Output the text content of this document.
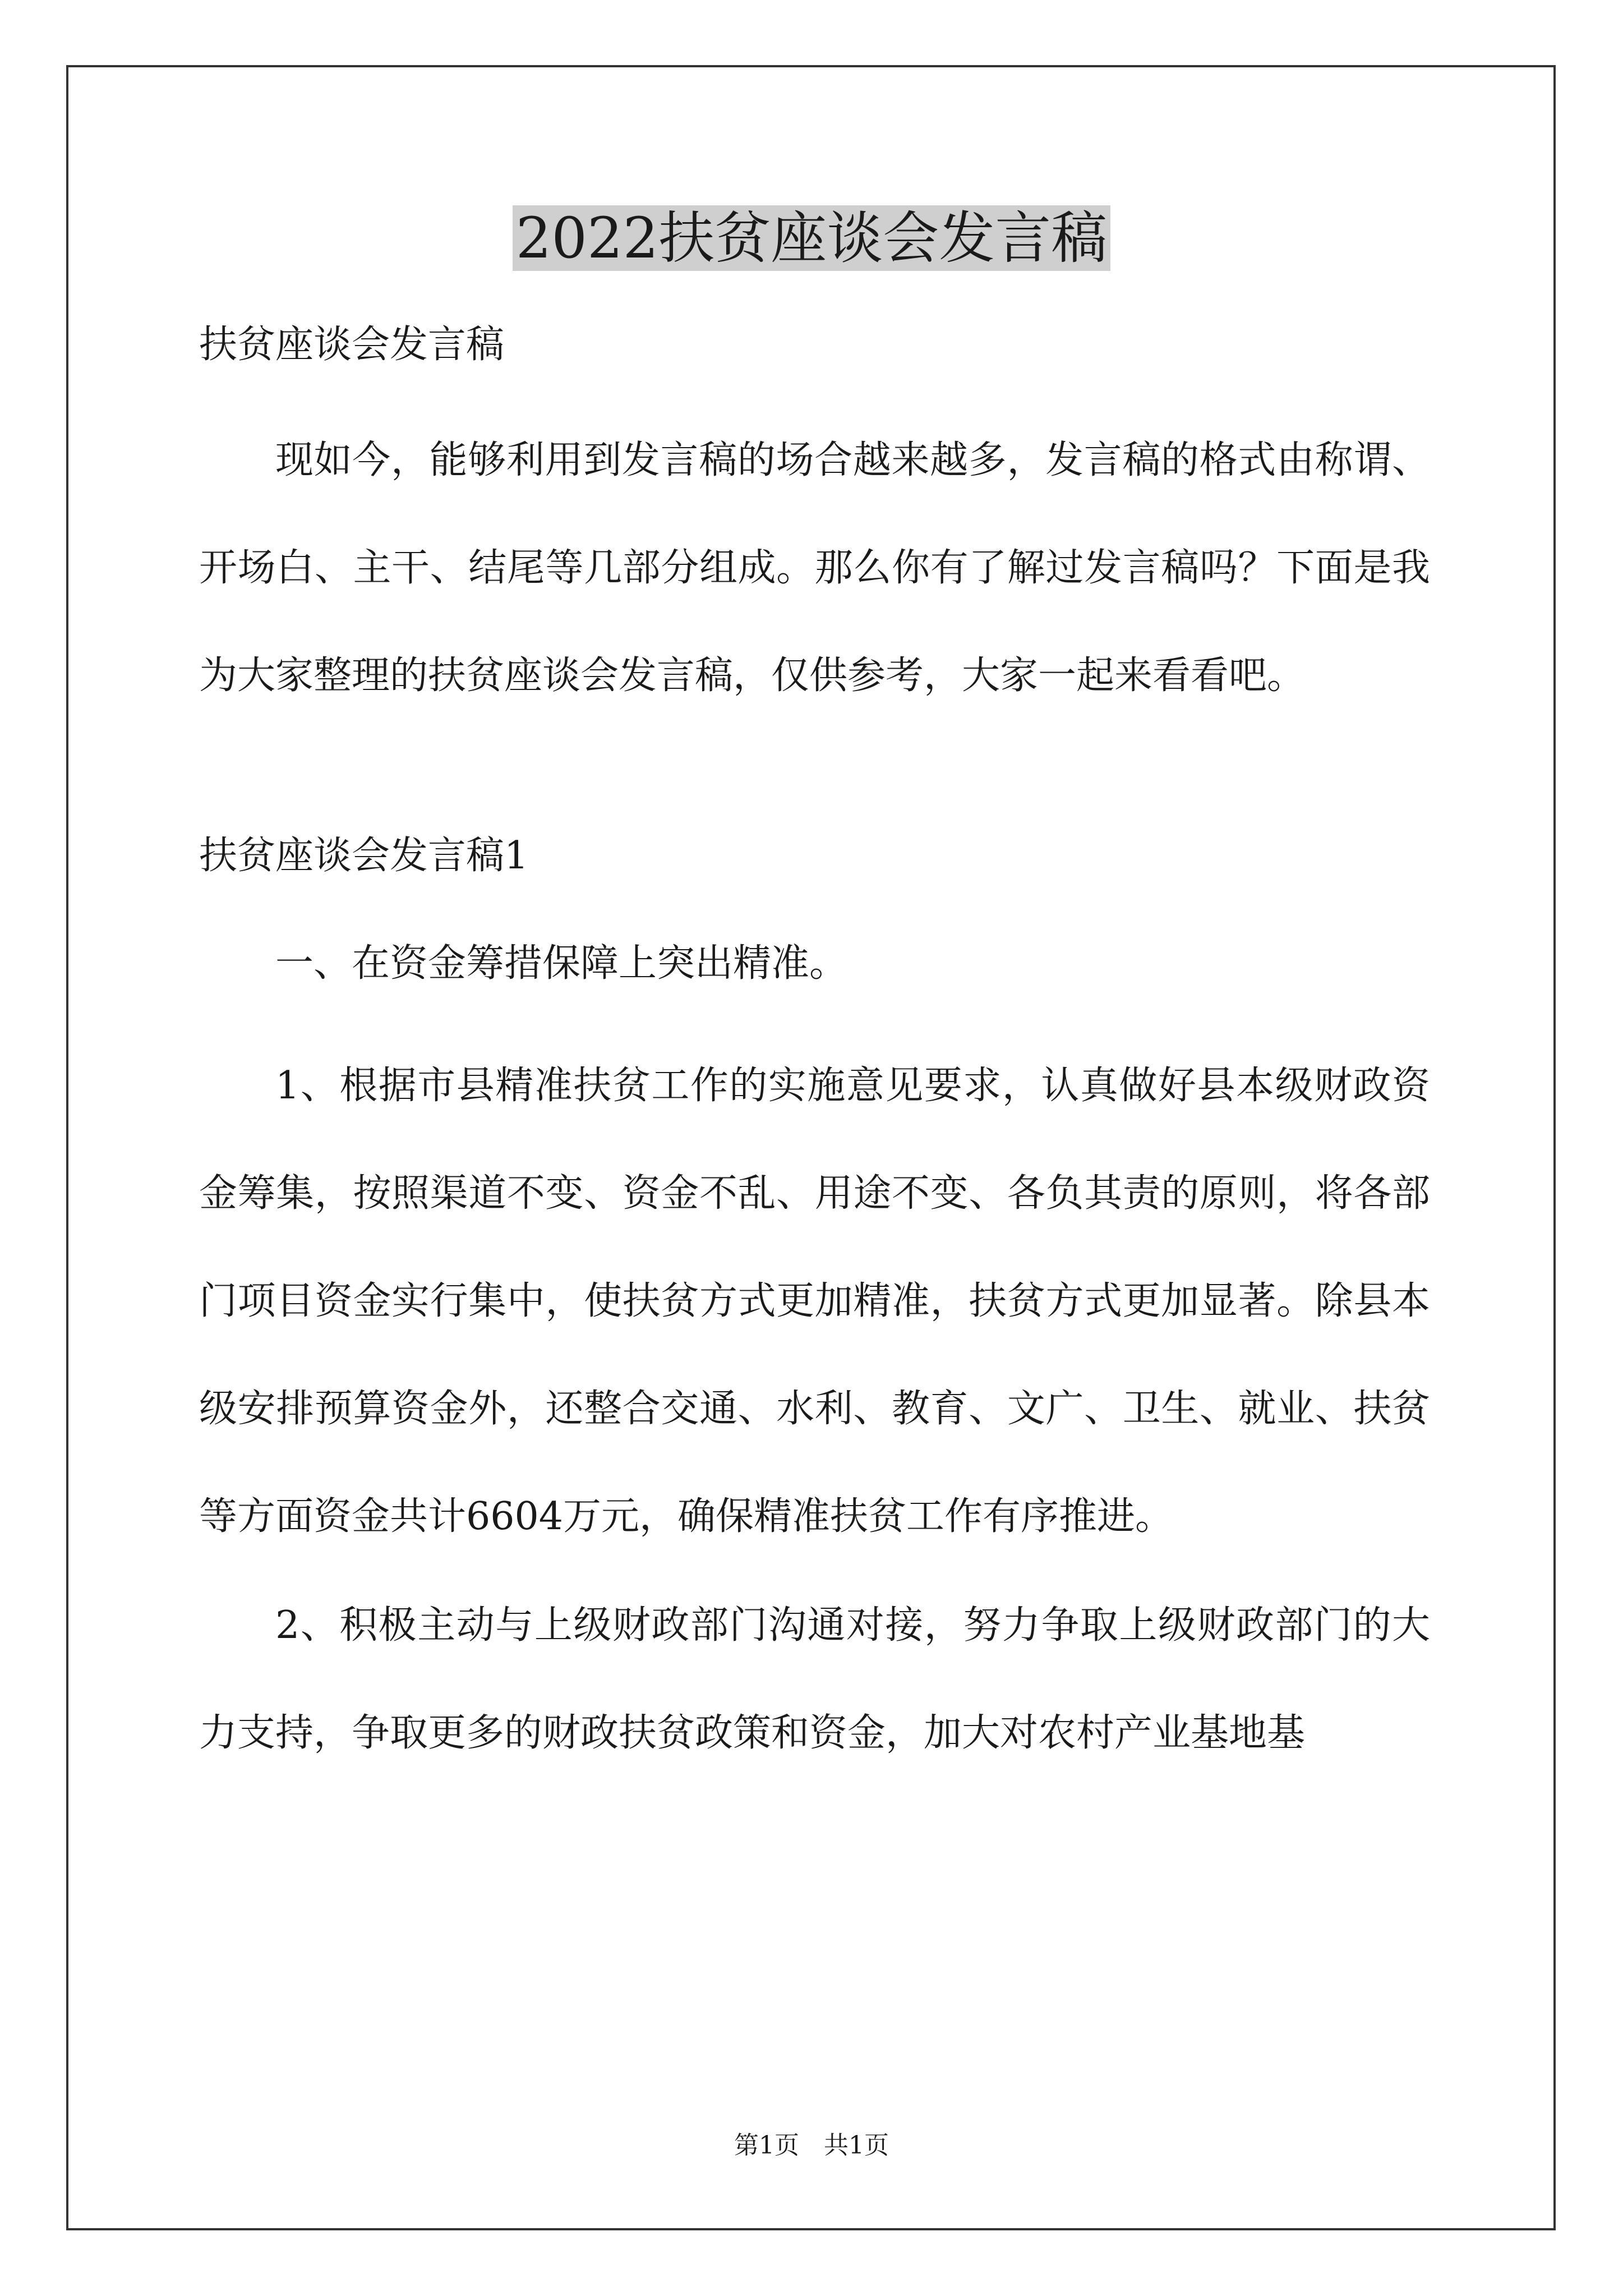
2022扶贫座谈会发言稿

扶贫座谈会发言稿

现如今，能够利用到发言稿的场合越来越多，发言稿的格式由称谓、开场白、主干、结尾等几部分组成。那么你有了解过发言稿吗？下面是我为大家整理的扶贫座谈会发言稿，仅供参考，大家一起来看看吧。

扶贫座谈会发言稿1

一、在资金筹措保障上突出精准。

1、根据市县精准扶贫工作的实施意见要求，认真做好县本级财政资金筹集，按照渠道不变、资金不乱、用途不变、各负其责的原则，将各部门项目资金实行集中，使扶贫方式更加精准，扶贫方式更加显著。除县本级安排预算资金外，还整合交通、水利、教育、文广、卫生、就业、扶贫等方面资金共计6604万元，确保精准扶贫工作有序推进。

2、积极主动与上级财政部门沟通对接，努力争取上级财政部门的大力支持，争取更多的财政扶贫政策和资金，加大对农村产业基地基

第1页　共1页
